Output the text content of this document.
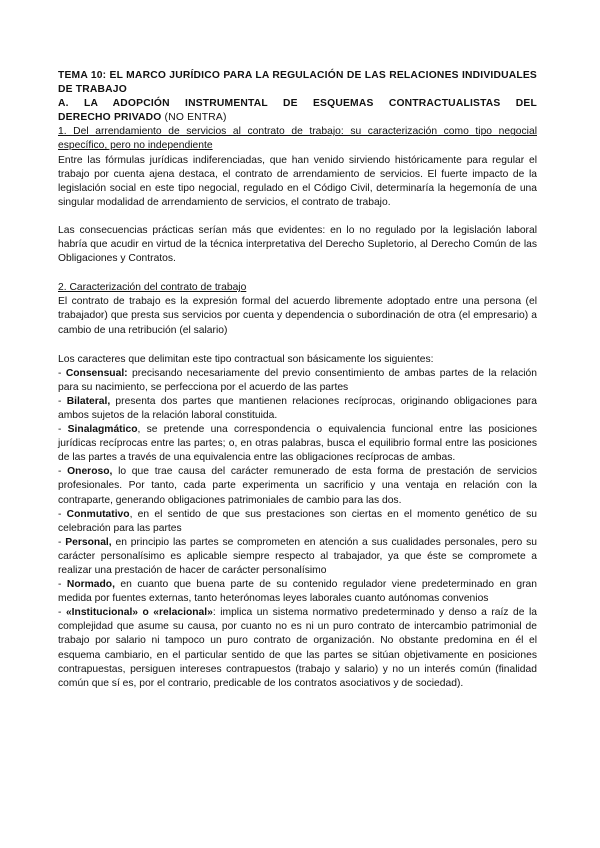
TEMA 10: EL MARCO JURÍDICO PARA LA REGULACIÓN DE LAS RELACIONES INDIVIDUALES DE TRABAJO

A. LA ADOPCIÓN INSTRUMENTAL DE ESQUEMAS CONTRACTUALISTAS DEL
DERECHO PRIVADO (NO ENTRA)

1. Del arrendamiento de servicios al contrato de trabajo: su caracterización como tipo negocial específico, pero no independiente

Entre las fórmulas jurídicas indiferenciadas, que han venido sirviendo históricamente para regular el trabajo por cuenta ajena destaca, el contrato de arrendamiento de servicios. El fuerte impacto de la legislación social en este tipo negocial, regulado en el Código Civil, determinaría la hegemonía de una singular modalidad de arrendamiento de servicios, el contrato de trabajo.

Las consecuencias prácticas serían más que evidentes: en lo no regulado por la legislación laboral habría que acudir en virtud de la técnica interpretativa del Derecho Supletorio, al Derecho Común de las Obligaciones y Contratos.

2. Caracterización del contrato de trabajo

El contrato de trabajo es la expresión formal del acuerdo libremente adoptado entre una persona (el trabajador) que presta sus servicios por cuenta y dependencia o subordinación de otra (el empresario) a cambio de una retribución (el salario)

Los caracteres que delimitan este tipo contractual son básicamente los siguientes:

- Consensual: precisando necesariamente del previo consentimiento de ambas partes de la relación para su nacimiento, se perfecciona por el acuerdo de las partes

- Bilateral, presenta dos partes que mantienen relaciones recíprocas, originando obligaciones para ambos sujetos de la relación laboral constituida.

- Sinalagmático, se pretende una correspondencia o equivalencia funcional entre las posiciones jurídicas recíprocas entre las partes; o, en otras palabras, busca el equilibrio formal entre las posiciones de las partes a través de una equivalencia entre las obligaciones recíprocas de ambas.

- Oneroso, lo que trae causa del carácter remunerado de esta forma de prestación de servicios profesionales. Por tanto, cada parte experimenta un sacrificio y una ventaja en relación con la contraparte, generando obligaciones patrimoniales de cambio para las dos.

- Conmutativo, en el sentido de que sus prestaciones son ciertas en el momento genético de su celebración para las partes

- Personal, en principio las partes se comprometen en atención a sus cualidades personales, pero su carácter personalísimo es aplicable siempre respecto al trabajador, ya que éste se compromete a realizar una prestación de hacer de carácter personalísimo

- Normado, en cuanto que buena parte de su contenido regulador viene predeterminado en gran medida por fuentes externas, tanto heterónomas leyes laborales cuanto autónomas convenios

- «Institucional» o «relacional»: implica un sistema normativo predeterminado y denso a raíz de la complejidad que asume su causa, por cuanto no es ni un puro contrato de intercambio patrimonial de trabajo por salario ni tampoco un puro contrato de organización. No obstante predomina en él el esquema cambiario, en el particular sentido de que las partes se sitúan objetivamente en posiciones contrapuestas, persiguen intereses contrapuestos (trabajo y salario) y no un interés común (finalidad común que sí es, por el contrario, predicable de los contratos asociativos y de sociedad).
